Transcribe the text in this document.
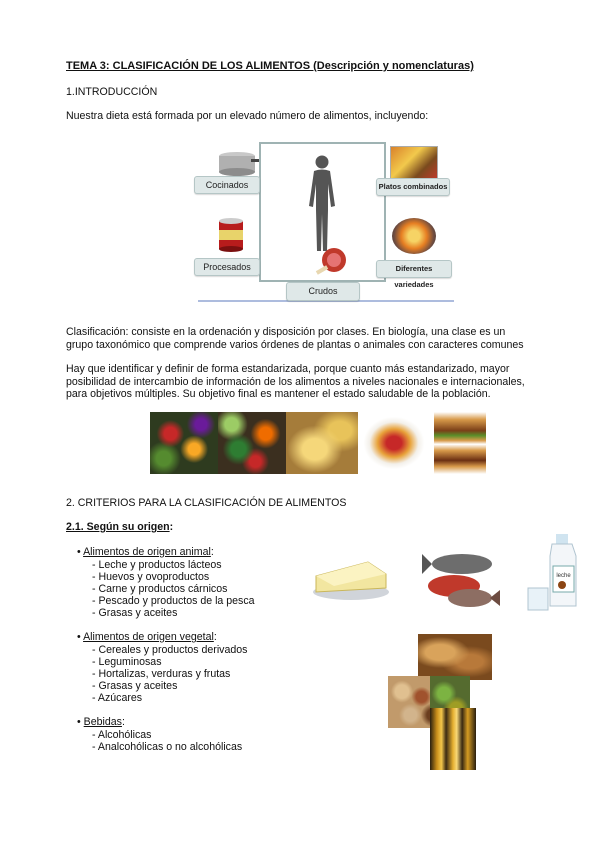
TEMA 3: CLASIFICACIÓN DE LOS ALIMENTOS (Descripción y nomenclaturas)
1.INTRODUCCIÓN
Nuestra dieta está formada por un elevado número de alimentos, incluyendo:
Cocinados
Procesados
Crudos
Platos combinados
Diferentes variedades
Clasificación: consiste en la ordenación y disposición por clases. En biología, una clase es un
grupo taxonómico que comprende varios órdenes de plantas o animales con caracteres comunes
Hay que identificar y definir de forma estandarizada, porque cuanto más estandarizado, mayor
posibilidad de intercambio de información de los alimentos a niveles nacionales e internacionales,
para objetivos múltiples. Su objetivo final es mantener el estado saludable de la población.
2. CRITERIOS PARA LA CLASIFICACIÓN DE ALIMENTOS
2.1. Según su origen:
• Alimentos de origen animal:
- Leche y productos lácteos
- Huevos y ovoproductos
- Carne y productos cárnicos
- Pescado y productos de la pesca
- Grasas y aceites
leche
• Alimentos de origen vegetal:
- Cereales y productos derivados
- Leguminosas
- Hortalizas, verduras y frutas
- Grasas y aceites
- Azúcares
• Bebidas:
- Alcohólicas
- Analcohólicas o no alcohólicas
